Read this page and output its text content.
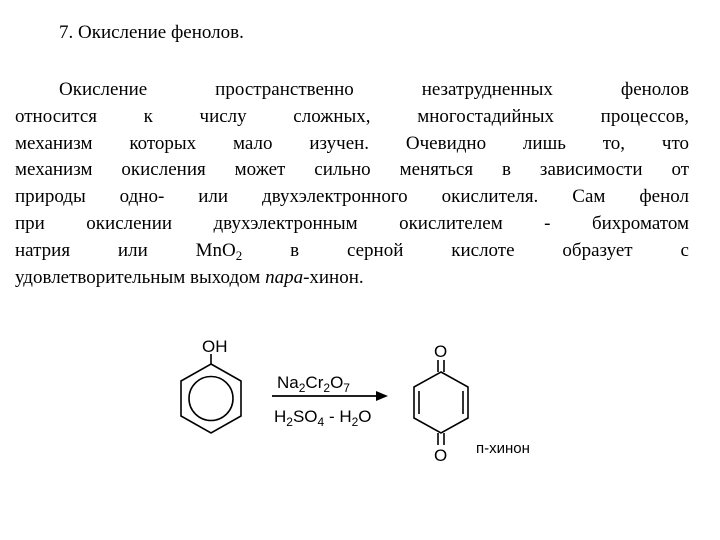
7. Окисление фенолов.
Окисление пространственно незатрудненных фенолов
относится к числу сложных, многостадийных процессов,
механизм которых мало изучен. Очевидно лишь то, что
механизм окисления может сильно меняться в зависимости от
природы одно- или двухэлектронного окислителя. Сам фенол
при окислении двухэлектронным окислителем - бихроматом
натрия	или	MnO$_2$	в	серной	кислоте	образует	с
удовлетворительным выходом пара-хинон.
OH
$Na_2Cr_2O_7$
$H_2SO_4 - H_2O$
O
O п-хинон
